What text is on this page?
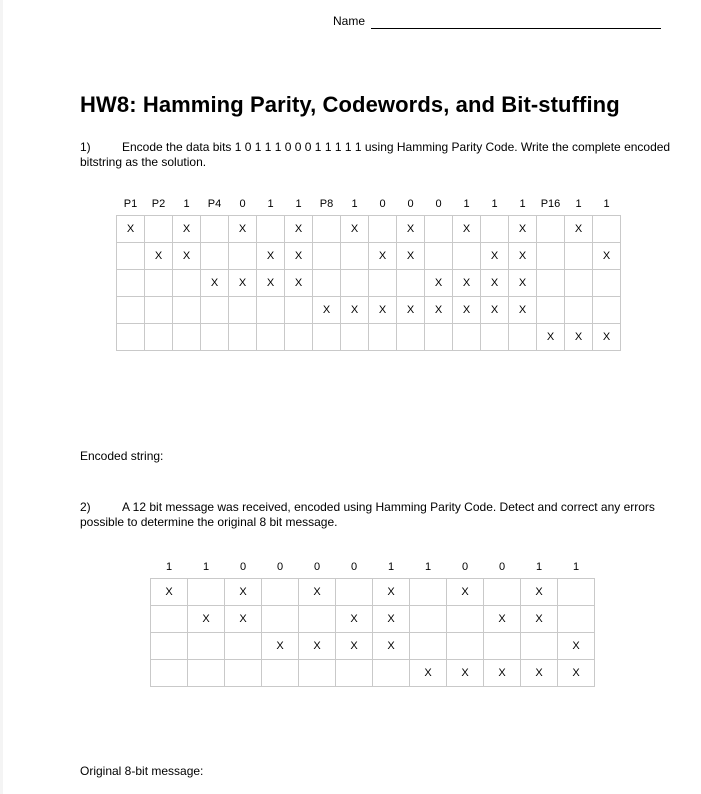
Name
HW8: Hamming Parity, Codewords, and Bit-stuffing
1)	Encode the data bits 1 0 1 1 1 0 0 0 1 1 1 1 1 using Hamming Parity Code. Write the complete encoded bitstring as the solution.
P1	P2	1	P4	0	1	1	P8	1	0	0	0	1	1	1	P16	1	1
X		X		X		X		X		X		X		X		X	
	X	X			X	X			X	X			X	X			X
			X	X	X	X					X	X	X	X			
							X	X	X	X	X	X	X	X			
															X	X	X
Encoded string:
2)	A 12 bit message was received, encoded using Hamming Parity Code. Detect and correct any errors possible to determine the original 8 bit message.
1	1	0	0	0	0	1	1	0	0	1	1
X		X		X		X		X		X	
	X	X			X	X			X	X	
			X	X	X	X					X
							X	X	X	X	X
Original 8-bit message:
